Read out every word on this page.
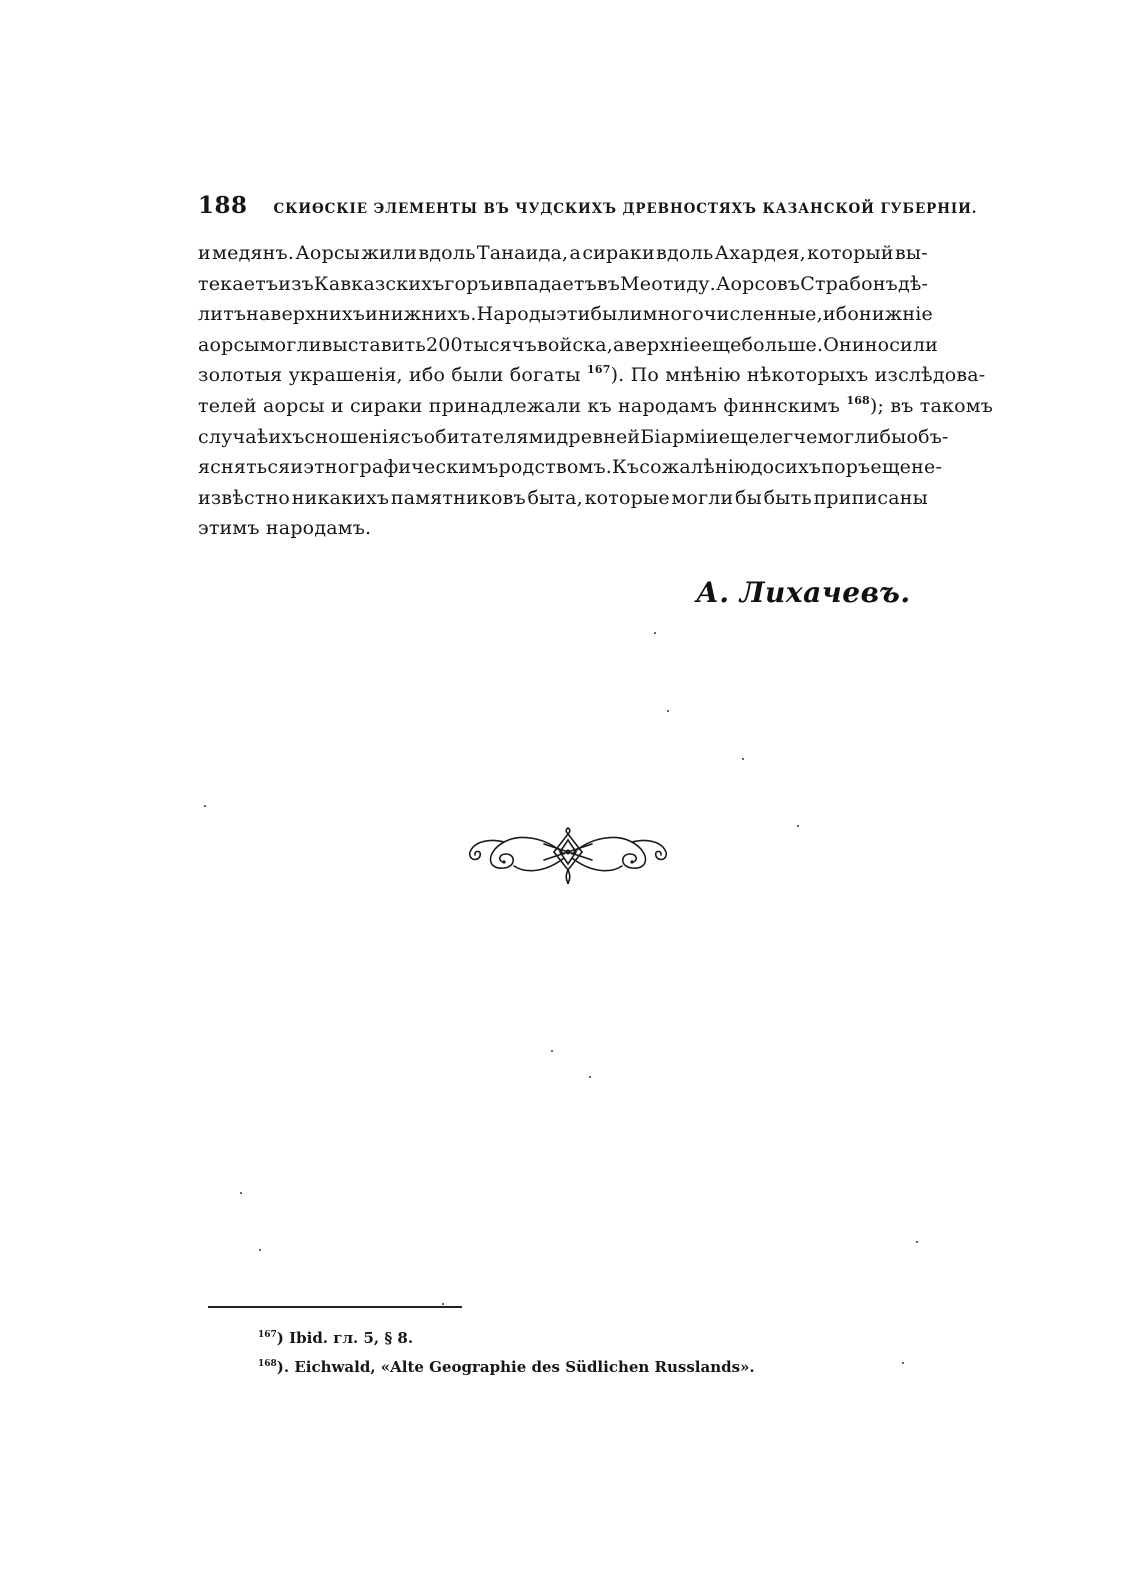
188 СКИѲСКІЕ ЭЛЕМЕНТЫ ВЪ ЧУДСКИХЪ ДРЕВНОСТЯХЪ КАЗАНСКОЙ ГУБЕРНІИ.
и медянъ. Аорсы жили вдоль Танаида, а сираки вдоль Ахардея, который вы-
текаетъ изъ Кавказскихъ горъ и впадаетъ въ Меотиду. Аорсовъ Страбонъ дѣ-
литъ на верхнихъ и нижнихъ. Народы эти были многочисленные, ибо нижніе
аорсы могли выставить 200 тысячъ войска, а верхніе еще больше. Они носили
золотыя украшенія, ибо были богаты $^{167}$). По мнѣнію нѣкоторыхъ изслѣдова-
телей аорсы и сираки принадлежали къ народамъ финнскимъ $^{168}$); въ такомъ
случаѣ ихъ сношенія съ обитателями древней Біарміи еще легче могли бы объ-
ясняться и этнографическимъ родствомъ. Къ сожалѣнію до сихъ поръ еще не-
извѣстно никакихъ памятниковъ быта, которые могли бы быть приписаны
этимъ народамъ.
А. Лихачевъ.
$^{167}$) Ibid. гл. 5, § 8.
$^{168}$). Eichwald, «Alte Geographie des Südlichen Russlands».
